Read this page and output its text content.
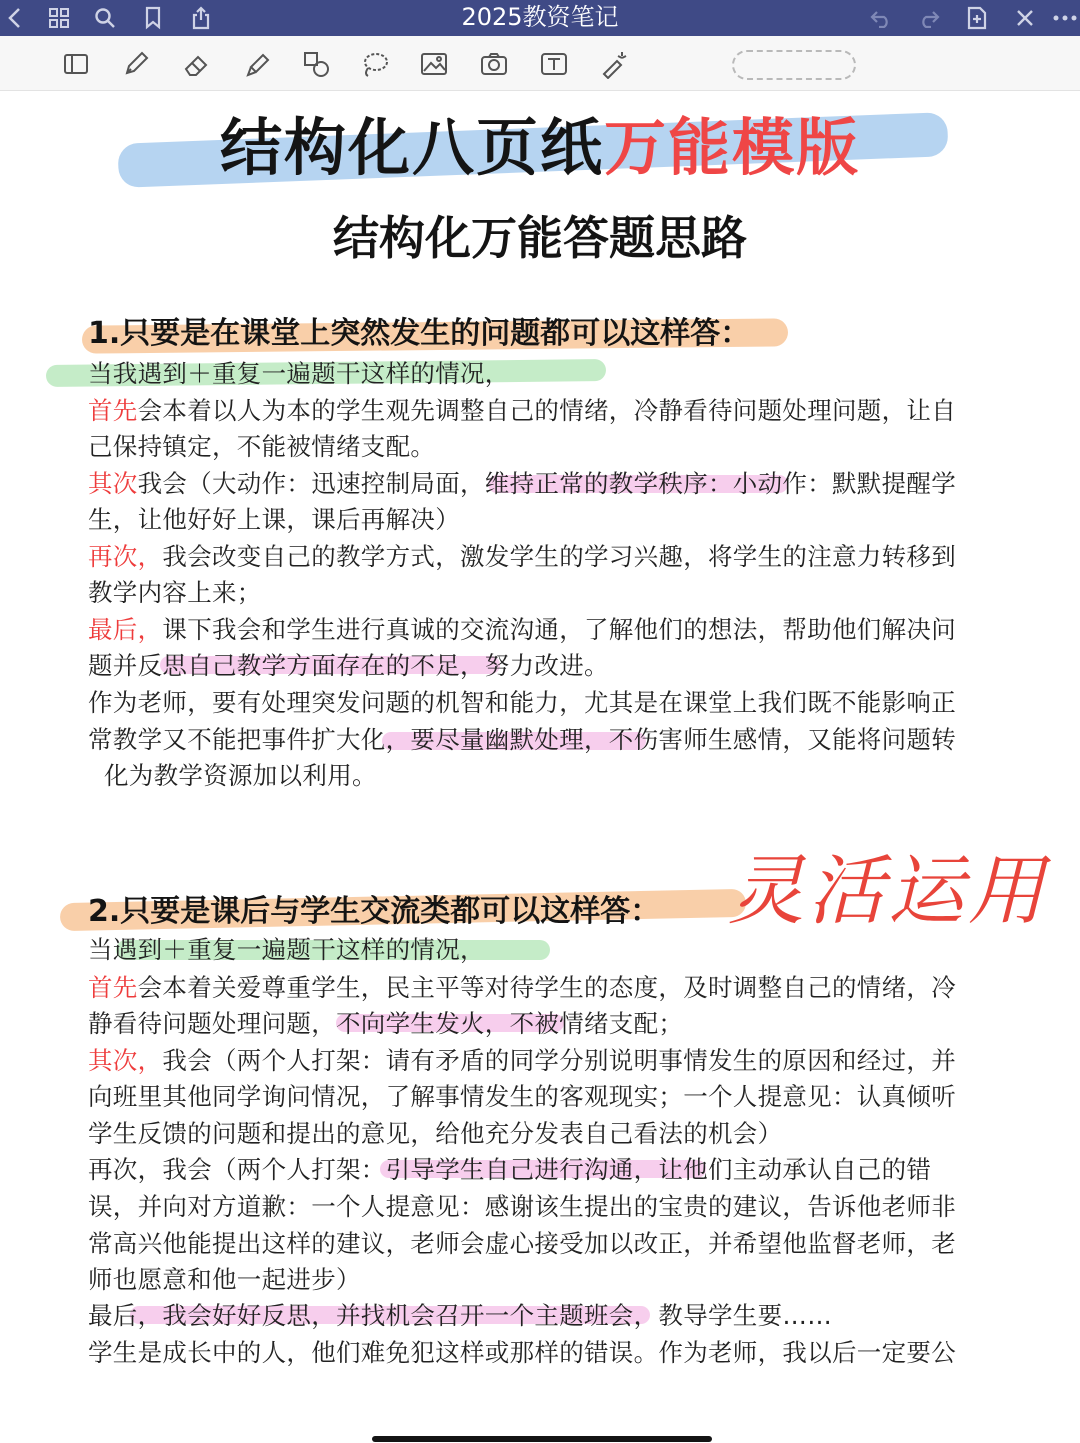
2025教资笔记
结构化八页纸万能模版
结构化万能答题思路
1.只要是在课堂上突然发生的问题都可以这样答：
当我遇到＋重复一遍题干这样的情况，
首先会本着以人为本的学生观先调整自己的情绪，冷静看待问题处理问题，让自
己保持镇定，不能被情绪支配。
其次我会（大动作：迅速控制局面，维持正常的教学秩序：小动作：默默提醒学
生，让他好好上课，课后再解决）
再次，我会改变自己的教学方式，激发学生的学习兴趣，将学生的注意力转移到
教学内容上来；
最后，课下我会和学生进行真诚的交流沟通，了解他们的想法，帮助他们解决问
题并反思自己教学方面存在的不足，努力改进。
作为老师，要有处理突发问题的机智和能力，尤其是在课堂上我们既不能影响正
常教学又不能把事件扩大化，要尽量幽默处理，不伤害师生感情，又能将问题转
化为教学资源加以利用。
灵活运用
2.只要是课后与学生交流类都可以这样答：
当遇到＋重复一遍题干这样的情况，
首先会本着关爱尊重学生，民主平等对待学生的态度，及时调整自己的情绪，冷
静看待问题处理问题，不向学生发火，不被情绪支配；
其次，我会（两个人打架：请有矛盾的同学分别说明事情发生的原因和经过，并
向班里其他同学询问情况，了解事情发生的客观现实；一个人提意见：认真倾听
学生反馈的问题和提出的意见，给他充分发表自己看法的机会）
再次，我会（两个人打架：引导学生自己进行沟通，让他们主动承认自己的错
误，并向对方道歉：一个人提意见：感谢该生提出的宝贵的建议，告诉他老师非
常高兴他能提出这样的建议，老师会虚心接受加以改正，并希望他监督老师，老
师也愿意和他一起进步）
最后，我会好好反思，并找机会召开一个主题班会，教导学生要……
学生是成长中的人，他们难免犯这样或那样的错误。作为老师，我以后一定要公
